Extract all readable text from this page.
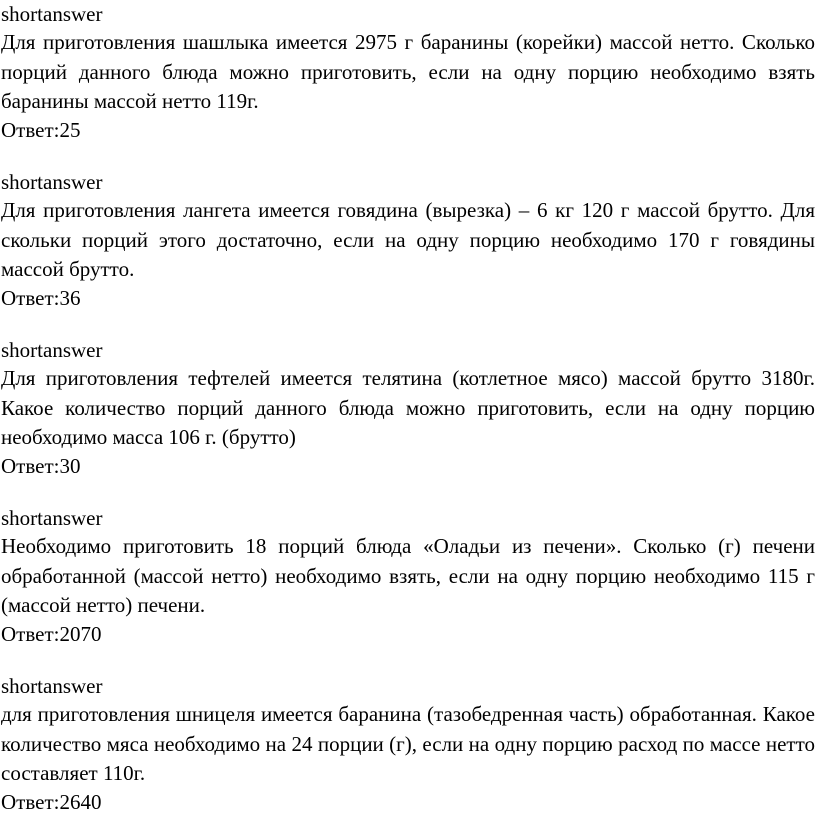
shortanswer

Для приготовления шашлыка имеется 2975 г баранины (корейки) массой нетто. Сколько порций данного блюда можно приготовить, если на одну порцию необходимо взять баранины массой нетто 119г.

Ответ:25

shortanswer

Для приготовления лангета имеется говядина (вырезка) – 6 кг 120 г массой брутто. Для скольки порций этого достаточно, если на одну порцию необходимо 170 г говядины массой брутто.

Ответ:36

shortanswer

Для приготовления тефтелей имеется телятина (котлетное мясо) массой брутто 3180г. Какое количество порций данного блюда можно приготовить, если на одну порцию необходимо масса 106 г. (брутто)

Ответ:30

shortanswer

Необходимо приготовить 18 порций блюда «Оладьи из печени». Сколько (г) печени обработанной (массой нетто) необходимо взять, если на одну порцию необходимо 115 г (массой нетто) печени.

Ответ:2070

shortanswer

для приготовления шницеля имеется баранина (тазобедренная часть) обработанная. Какое количество мяса необходимо на 24 порции (г), если на одну порцию расход по массе нетто составляет 110г.

Ответ:2640
